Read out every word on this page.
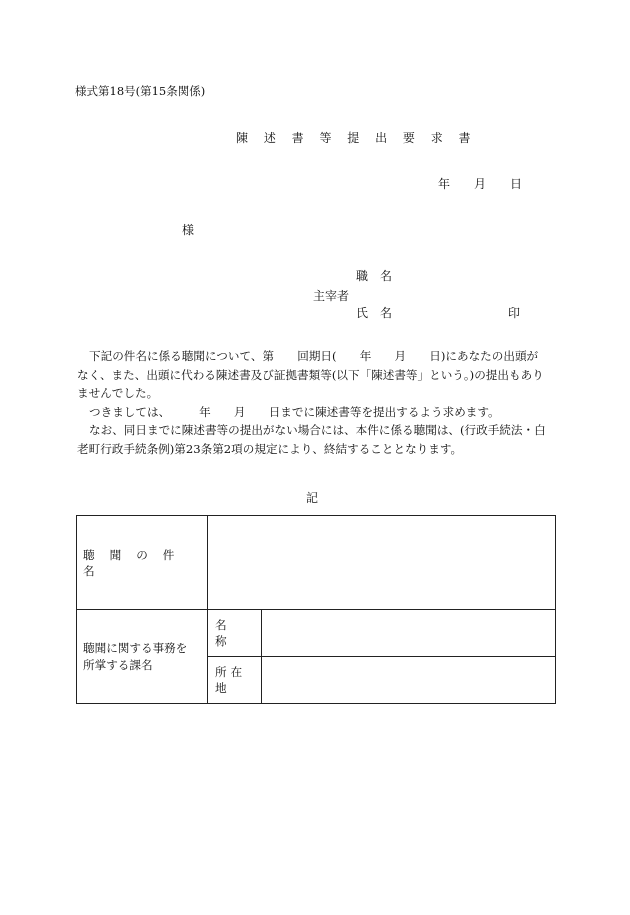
様式第18号(第15条関係)
陳 述 書 等 提 出 要 求 書
年 月 日
様
職 名
主宰者
氏 名	印

下記の件名に係る聴聞について、第　　回期日(　　年　　月　　日)にあなたの出頭が

なく、また、出頭に代わる陳述書及び証拠書類等(以下「陳述書等」という。)の提出もあり

ませんでした。

つきましては、　　　年　　月　　日までに陳述書等を提出するよう求めます。

なお、同日までに陳述書等の提出がない場合には、本件に係る聴聞は、(行政手続法・白

老町行政手続条例)第23条第2項の規定により、終結することとなります。

記
聴聞の件名		

聴聞に関する事務を
所掌する課名	名称	
	所在地	
